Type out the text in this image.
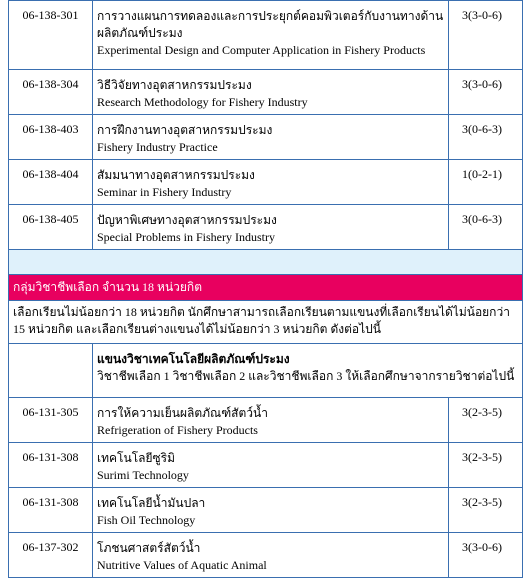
06-138-301	การวางแผนการทดลองและการประยุกต์คอมพิวเตอร์กับงานทางด้านผลิตภัณฑ์ประมง
Experimental Design and Computer Application in Fishery Products	3(3-0-6)
06-138-304	วิธีวิจัยทางอุตสาหกรรมประมง
Research Methodology for Fishery Industry	3(3-0-6)
06-138-403	การฝึกงานทางอุตสาหกรรมประมง
Fishery Industry Practice	3(0-6-3)
06-138-404	สัมมนาทางอุตสาหกรรมประมง
Seminar in Fishery Industry	1(0-2-1)
06-138-405	ปัญหาพิเศษทางอุตสาหกรรมประมง
Special Problems in Fishery Industry	3(0-6-3)

กลุ่มวิชาชีพเลือก จำนวน 18 หน่วยกิต		
เลือกเรียนไม่น้อยกว่า 18 หน่วยกิต นักศึกษาสามารถเลือกเรียนตามแขนงที่เลือกเรียนได้ไม่น้อยกว่า 15 หน่วยกิต และเลือกเรียนต่างแขนงได้ไม่น้อยกว่า 3 หน่วยกิต ดังต่อไปนี้		

	แขนงวิชาเทคโนโลยีผลิตภัณฑ์ประมง
วิชาชีพเลือก 1 วิชาชีพเลือก 2 และวิชาชีพเลือก 3 ให้เลือกศึกษาจากรายวิชาต่อไปนี้	

06-131-305	การให้ความเย็นผลิตภัณฑ์สัตว์น้ำ
Refrigeration of Fishery Products	3(2-3-5)
06-131-308	เทคโนโลยีซูริมิ
Surimi Technology	3(2-3-5)
06-131-308	เทคโนโลยีน้ำมันปลา
Fish Oil Technology	3(2-3-5)
06-137-302	โภชนศาสตร์สัตว์น้ำ
Nutritive Values of Aquatic Animal	3(3-0-6)
